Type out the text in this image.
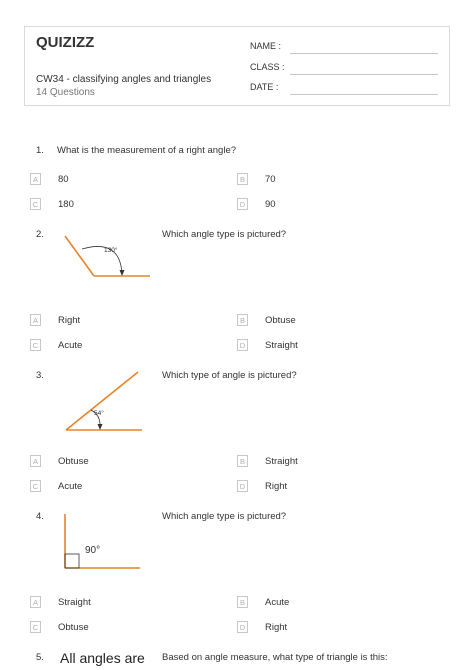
QUIZIZZ
CW34 - classifying angles and triangles
14 Questions
NAME :
CLASS :
DATE :
1. What is the measurement of a right angle?
A	80	B	70
C 180	D 90
2.
130°
Which angle type is pictured?
A	Right	B	Obtuse
C Acute	D Straight
3.
54°
Which type of angle is pictured?
A	Obtuse	B	Straight
C Acute	D Right
4.
90°
Which angle type is pictured?
A	Straight	B	Acute
C Obtuse	D Right
5. All angles are Based on angle measure, what type of triangle is this:
